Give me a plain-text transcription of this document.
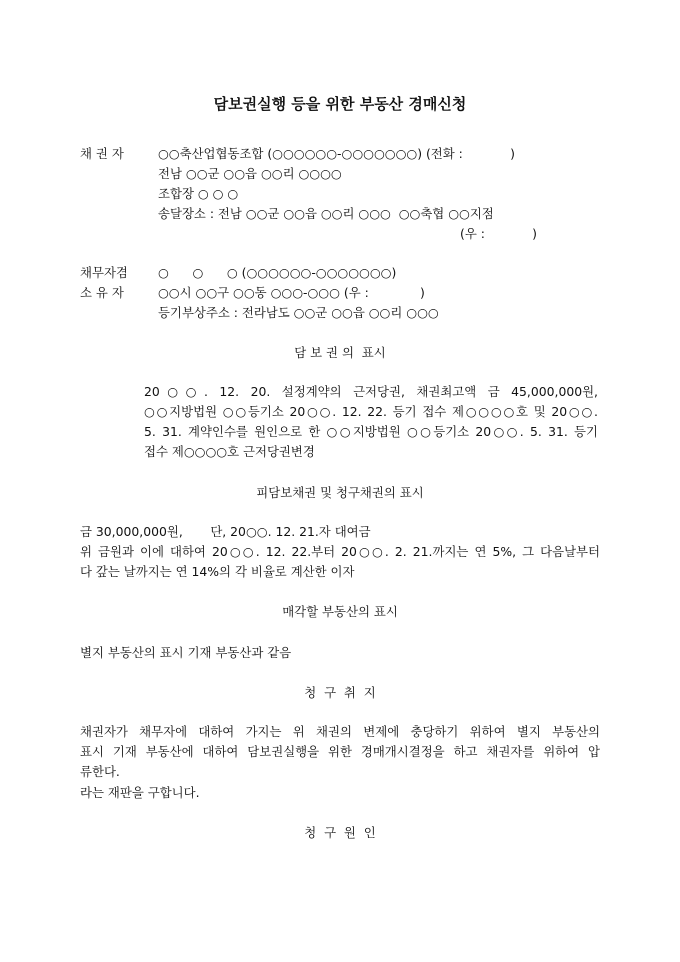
담보권실행 등을 위한 부동산 경매신청
채 권 자	○○축산업협동조합 (○○○○○○-○○○○○○○) (전화 :            )
전남 ○○군 ○○읍 ○○리 ○○○○
조합장 ○ ○ ○
송달장소 : 전남 ○○군 ○○읍 ○○리 ○○○  ○○축협 ○○지점
(우 :            )
채무자겸 ○      ○      ○ (○○○○○○-○○○○○○○)
소 유 자	○○시 ○○구 ○○동 ○○○-○○○ (우 :             )
등기부상주소 : 전라남도 ○○군 ○○읍 ○○리 ○○○
담 보 권 의  표시
20○○. 12. 20. 설정계약의 근저당권, 채권최고액 금 45,000,000원,
○○지방법원 ○○등기소 20○○. 12. 22. 등기 접수 제○○○○호 및 20○○.
5. 31. 계약인수를 원인으로 한 ○○지방법원 ○○등기소 20○○. 5. 31. 등기
접수 제○○○○호 근저당권변경
피담보채권 및 청구채권의 표시
금 30,000,000원,       단, 20○○. 12. 21.자 대여금
위 금원과 이에 대하여 20○○. 12. 22.부터 20○○. 2. 21.까지는 연 5%, 그 다음날부터
다 갚는 날까지는 연 14%의 각 비율로 계산한 이자
매각할 부동산의 표시
별지 부동산의 표시 기재 부동산과 같음
청  구  취  지
채권자가 채무자에 대하여 가지는 위 채권의 변제에 충당하기 위하여 별지 부동산의
표시 기재 부동산에 대하여 담보권실행을 위한 경매개시결정을 하고 채권자를 위하여 압
류한다.
라는 재판을 구합니다.
청  구  원  인
